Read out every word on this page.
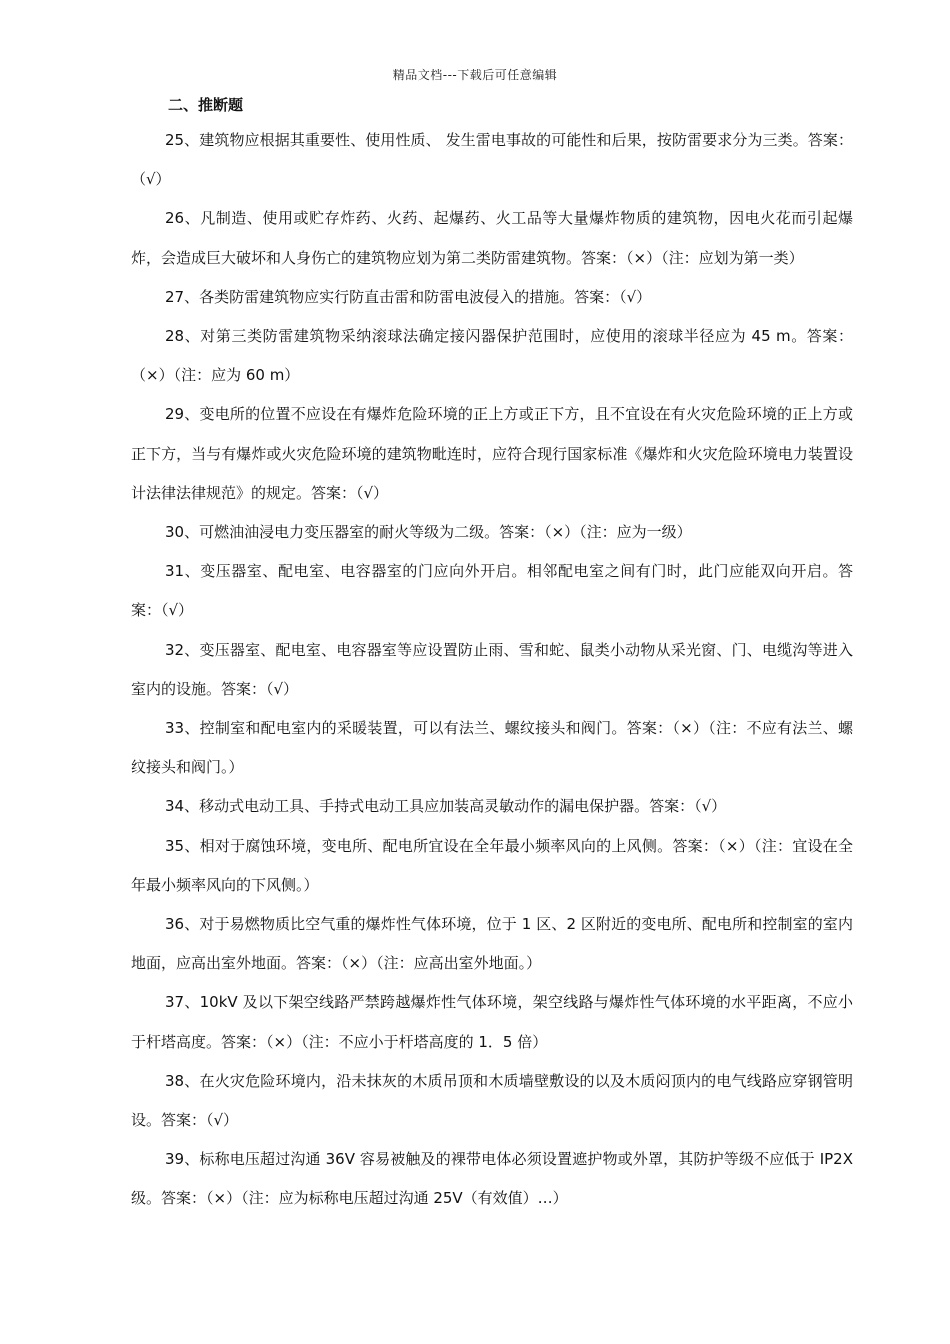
精品文档---下载后可任意编辑
二、推断题

25、建筑物应根据其重要性、使用性质、 发生雷电事故的可能性和后果，按防雷要求分为三类。答案：（√）

26、凡制造、使用或贮存炸药、火药、起爆药、火工品等大量爆炸物质的建筑物，因电火花而引起爆炸，会造成巨大破坏和人身伤亡的建筑物应划为第二类防雷建筑物。答案：（×）（注：应划为第一类）

27、各类防雷建筑物应实行防直击雷和防雷电波侵入的措施。答案：（√）

28、对第三类防雷建筑物采纳滚球法确定接闪器保护范围时，应使用的滚球半径应为 45 m。答案：（×）（注：应为 60 m）

29、变电所的位置不应设在有爆炸危险环境的正上方或正下方，且不宜设在有火灾危险环境的正上方或正下方，当与有爆炸或火灾危险环境的建筑物毗连时，应符合现行国家标准《爆炸和火灾危险环境电力装置设计法律法律规范》的规定。答案：（√）

30、可燃油油浸电力变压器室的耐火等级为二级。答案：（×）（注：应为一级）

31、变压器室、配电室、电容器室的门应向外开启。相邻配电室之间有门时，此门应能双向开启。答案：（√）

32、变压器室、配电室、电容器室等应设置防止雨、雪和蛇、鼠类小动物从采光窗、门、电缆沟等进入室内的设施。答案：（√）

33、控制室和配电室内的采暖装置，可以有法兰、螺纹接头和阀门。答案：（×）（注：不应有法兰、螺纹接头和阀门。）

34、移动式电动工具、手持式电动工具应加装高灵敏动作的漏电保护器。答案：（√）

35、相对于腐蚀环境，变电所、配电所宜设在全年最小频率风向的上风侧。答案：（×）（注：宜设在全年最小频率风向的下风侧。）

36、对于易燃物质比空气重的爆炸性气体环境，位于 1 区、2 区附近的变电所、配电所和控制室的室内地面，应高出室外地面。答案：（×）（注：应高出室外地面。）

37、10kV 及以下架空线路严禁跨越爆炸性气体环境，架空线路与爆炸性气体环境的水平距离，不应小于杆塔高度。答案：（×）（注：不应小于杆塔高度的 1．5 倍）

38、在火灾危险环境内，沿未抹灰的木质吊顶和木质墙壁敷设的以及木质闷顶内的电气线路应穿钢管明设。答案：（√）

39、标称电压超过沟通 36V 容易被触及的裸带电体必须设置遮护物或外罩，其防护等级不应低于 IP2X 级。答案：（×）（注：应为标称电压超过沟通 25V（有效值）…）
